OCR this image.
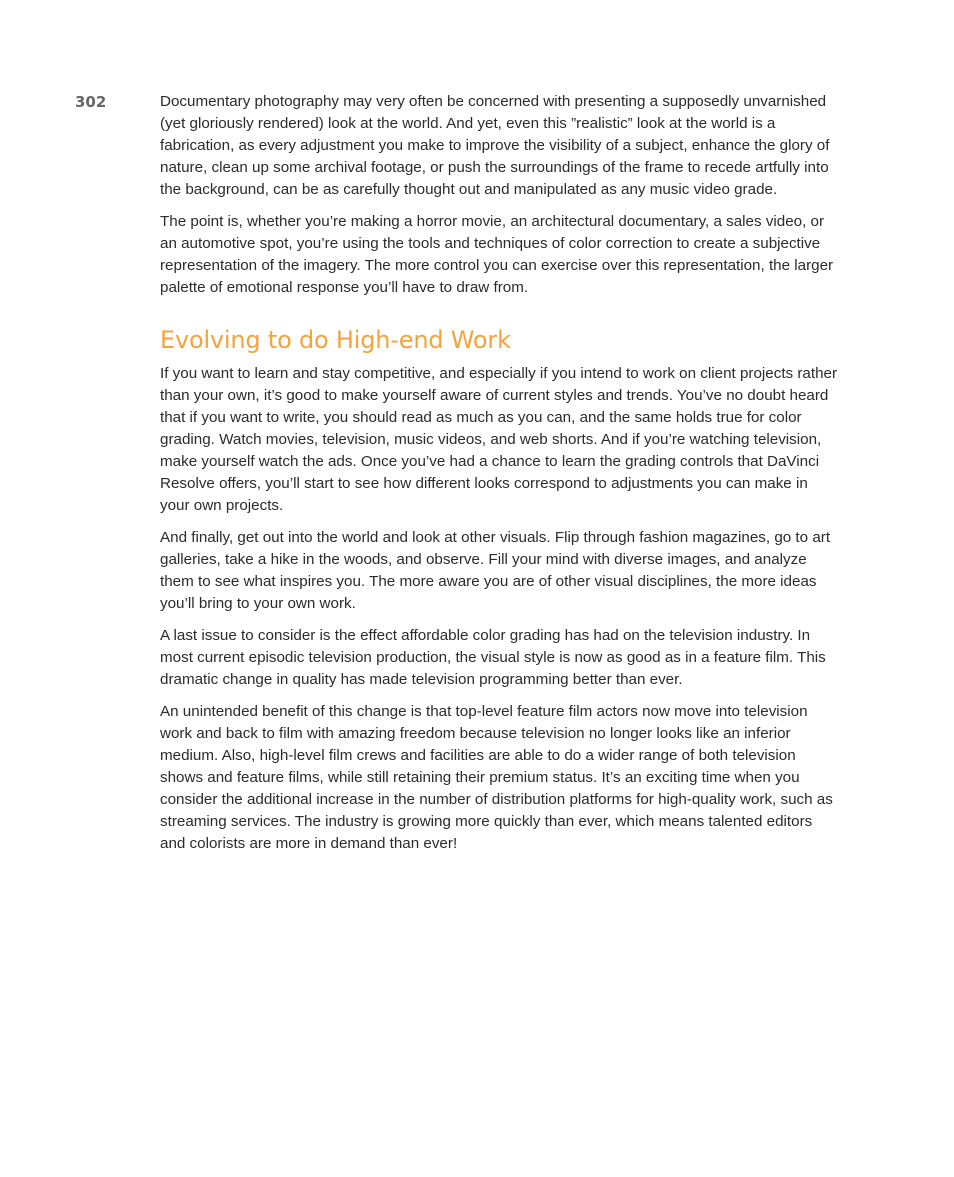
302	Documentary photography may very often be concerned with presenting a supposedly unvarnished (yet gloriously rendered) look at the world. And yet, even this ”realistic” look at the world is a fabrication, as every adjustment you make to improve the visibility of a subject, enhance the glory of nature, clean up some archival footage, or push the surroundings of the frame to recede artfully into the background, can be as carefully thought out and manipulated as any music video grade.

The point is, whether you’re making a horror movie, an architectural documentary, a sales video, or an automotive spot, you’re using the tools and techniques of color correction to create a subjective representation of the imagery. The more control you can exercise over this representation, the larger palette of emotional response you’ll have to draw from.

Evolving to do High-end Work

If you want to learn and stay competitive, and especially if you intend to work on client projects rather than your own, it’s good to make yourself aware of current styles and trends. You’ve no doubt heard that if you want to write, you should read as much as you can, and the same holds true for color grading. Watch movies, television, music videos, and web shorts. And if you’re watching television, make yourself watch the ads. Once you’ve had a chance to learn the grading controls that DaVinci Resolve offers, you’ll start to see how different looks correspond to adjustments you can make in your own projects.

And finally, get out into the world and look at other visuals. Flip through fashion magazines, go to art galleries, take a hike in the woods, and observe. Fill your mind with diverse images, and analyze them to see what inspires you. The more aware you are of other visual disciplines, the more ideas you’ll bring to your own work.

A last issue to consider is the effect affordable color grading has had on the television industry. In most current episodic television production, the visual style is now as good as in a feature film. This dramatic change in quality has made television programming better than ever.

An unintended benefit of this change is that top-level feature film actors now move into television work and back to film with amazing freedom because television no longer looks like an inferior medium. Also, high-level film crews and facilities are able to do a wider range of both television shows and feature films, while still retaining their premium status. It’s an exciting time when you consider the additional increase in the number of distribution platforms for high-quality work, such as streaming services. The industry is growing more quickly than ever, which means talented editors and colorists are more in demand than ever!
